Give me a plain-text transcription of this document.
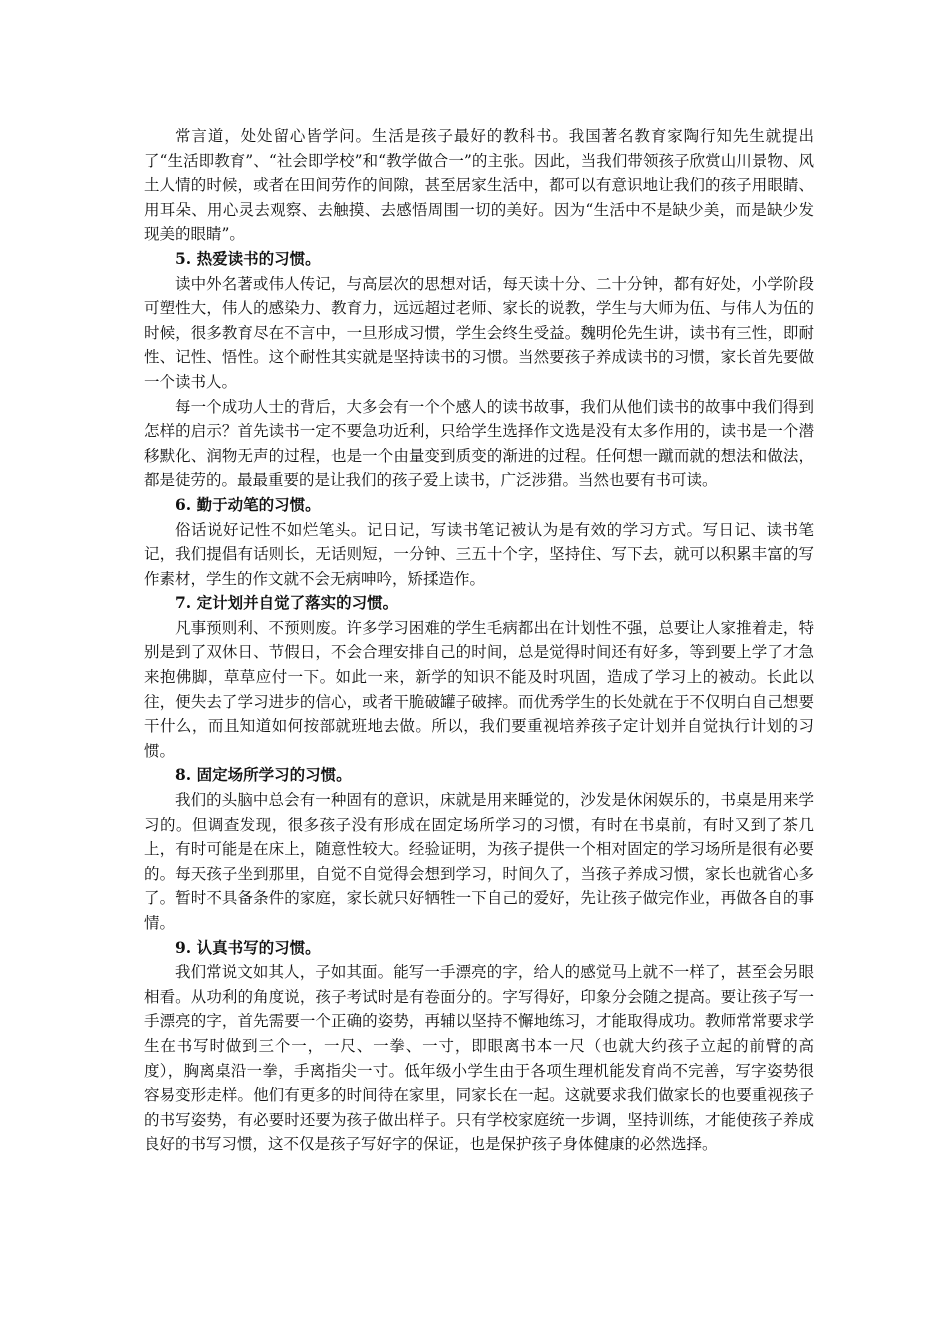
常言道，处处留心皆学问。生活是孩子最好的教科书。我国著名教育家陶行知先生就提出了“生活即教育”、“社会即学校”和“教学做合一”的主张。因此，当我们带领孩子欣赏山川景物、风土人情的时候，或者在田间劳作的间隙，甚至居家生活中，都可以有意识地让我们的孩子用眼睛、用耳朵、用心灵去观察、去触摸、去感悟周围一切的美好。因为“生活中不是缺少美，而是缺少发现美的眼睛”。

5. 热爱读书的习惯。

读中外名著或伟人传记，与高层次的思想对话，每天读十分、二十分钟，都有好处，小学阶段可塑性大，伟人的感染力、教育力，远远超过老师、家长的说教，学生与大师为伍、与伟人为伍的时候，很多教育尽在不言中，一旦形成习惯，学生会终生受益。魏明伦先生讲，读书有三性，即耐性、记性、悟性。这个耐性其实就是坚持读书的习惯。当然要孩子养成读书的习惯，家长首先要做一个读书人。

每一个成功人士的背后，大多会有一个个感人的读书故事，我们从他们读书的故事中我们得到怎样的启示？首先读书一定不要急功近利，只给学生选择作文选是没有太多作用的，读书是一个潜移默化、润物无声的过程，也是一个由量变到质变的渐进的过程。任何想一蹴而就的想法和做法，都是徒劳的。最最重要的是让我们的孩子爱上读书，广泛涉猎。当然也要有书可读。

6. 勤于动笔的习惯。

俗话说好记性不如烂笔头。记日记，写读书笔记被认为是有效的学习方式。写日记、读书笔记，我们提倡有话则长，无话则短，一分钟、三五十个字，坚持住、写下去，就可以积累丰富的写作素材，学生的作文就不会无病呻吟，矫揉造作。

7. 定计划并自觉了落实的习惯。

凡事预则利、不预则废。许多学习困难的学生毛病都出在计划性不强，总要让人家推着走，特别是到了双休日、节假日，不会合理安排自己的时间，总是觉得时间还有好多，等到要上学了才急来抱佛脚，草草应付一下。如此一来，新学的知识不能及时巩固，造成了学习上的被动。长此以往，便失去了学习进步的信心，或者干脆破罐子破摔。而优秀学生的长处就在于不仅明白自己想要干什么，而且知道如何按部就班地去做。所以，我们要重视培养孩子定计划并自觉执行计划的习惯。

8. 固定场所学习的习惯。

我们的头脑中总会有一种固有的意识，床就是用来睡觉的，沙发是休闲娱乐的，书桌是用来学习的。但调查发现，很多孩子没有形成在固定场所学习的习惯，有时在书桌前，有时又到了茶几上，有时可能是在床上，随意性较大。经验证明，为孩子提供一个相对固定的学习场所是很有必要的。每天孩子坐到那里，自觉不自觉得会想到学习，时间久了，当孩子养成习惯，家长也就省心多了。暂时不具备条件的家庭，家长就只好牺牲一下自己的爱好，先让孩子做完作业，再做各自的事情。

9. 认真书写的习惯。

我们常说文如其人，子如其面。能写一手漂亮的字，给人的感觉马上就不一样了，甚至会另眼相看。从功利的角度说，孩子考试时是有卷面分的。字写得好，印象分会随之提高。要让孩子写一手漂亮的字，首先需要一个正确的姿势，再辅以坚持不懈地练习，才能取得成功。教师常常要求学生在书写时做到三个一，一尺、一拳、一寸，即眼离书本一尺（也就大约孩子立起的前臂的高度），胸离桌沿一拳，手离指尖一寸。低年级小学生由于各项生理机能发育尚不完善，写字姿势很容易变形走样。他们有更多的时间待在家里，同家长在一起。这就要求我们做家长的也要重视孩子的书写姿势，有必要时还要为孩子做出样子。只有学校家庭统一步调，坚持训练，才能使孩子养成良好的书写习惯，这不仅是孩子写好字的保证，也是保护孩子身体健康的必然选择。
